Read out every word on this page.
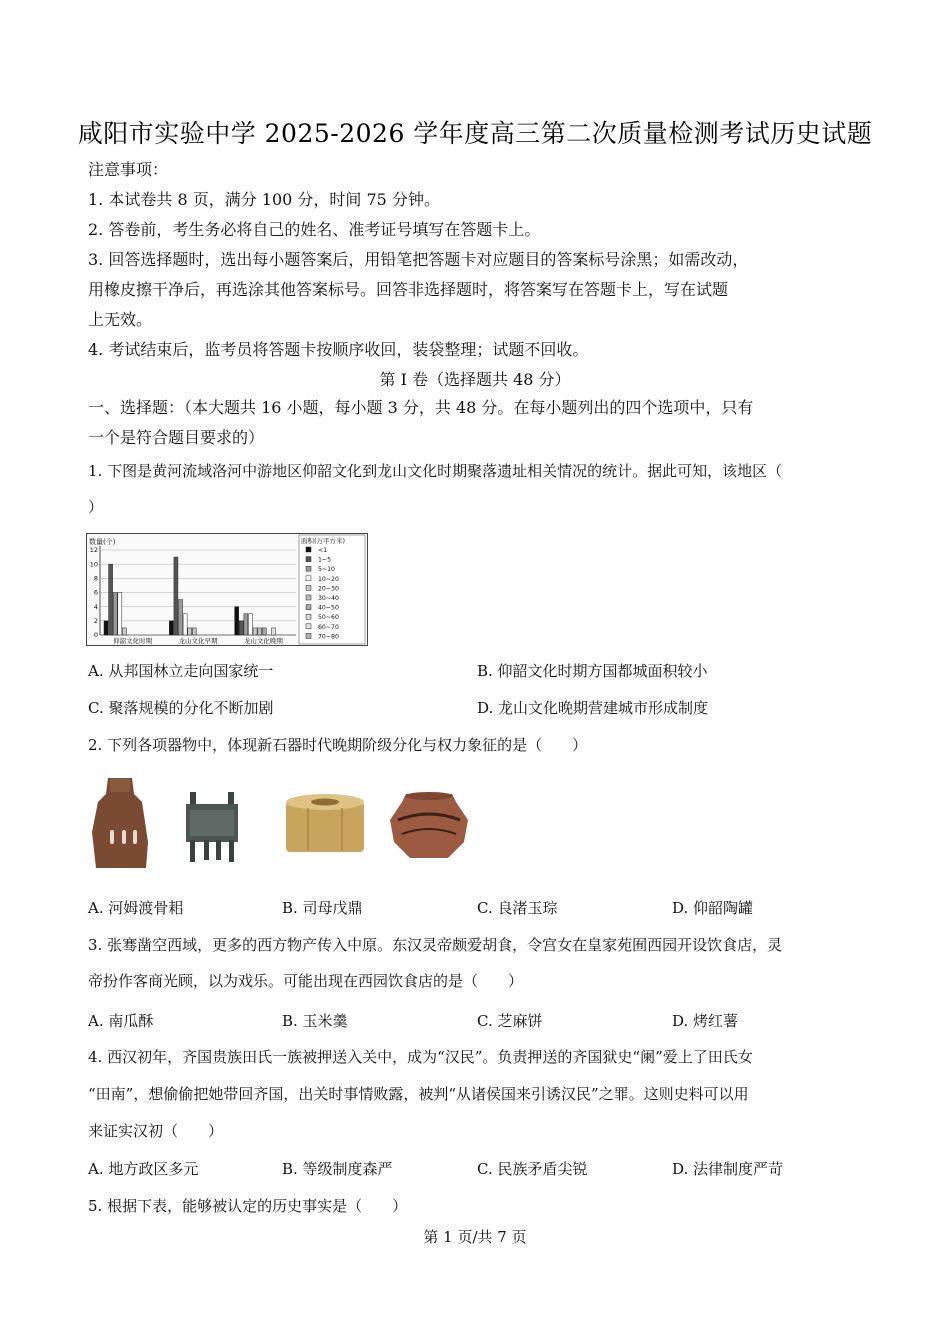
咸阳市实验中学 2025-2026 学年度高三第二次质量检测考试历史试题
注意事项：
1. 本试卷共 8 页，满分 100 分，时间 75 分钟。
2. 答卷前，考生务必将自己的姓名、准考证号填写在答题卡上。
3. 回答选择题时，选出每小题答案后，用铅笔把答题卡对应题目的答案标号涂黑；如需改动，
用橡皮擦干净后，再选涂其他答案标号。回答非选择题时，将答案写在答题卡上，写在试题
上无效。
4. 考试结束后，监考员将答题卡按顺序收回，装袋整理；试题不回收。
第 I 卷（选择题共 48 分）
一、选择题：（本大题共 16 小题，每小题 3 分，共 48 分。在每小题列出的四个选项中，只有
一个是符合题目要求的）
1. 下图是黄河流域洛河中游地区仰韶文化到龙山文化时期聚落遗址相关情况的统计。据此可知，该地区（
）
数量(个)	面积(万平方米)
0
2
4
6
8
10
12
仰韶文化时期	龙山文化早期	龙山文化晚期
<1
1~5
5~10
10~20
20~30
30~40
40~50
50~60
60~70
70~80
A. 从邦国林立走向国家统一	B. 仰韶文化时期方国都城面积较小
C. 聚落规模的分化不断加剧	D. 龙山文化晚期营建城市形成制度
2. 下列各项器物中，体现新石器时代晚期阶级分化与权力象征的是（　　）
A. 河姆渡骨耜	B. 司母戊鼎	C. 良渚玉琮	D. 仰韶陶罐
3. 张骞凿空西域，更多的西方物产传入中原。东汉灵帝颇爱胡食，令宫女在皇家苑囿西园开设饮食店，灵
帝扮作客商光顾，以为戏乐。可能出现在西园饮食店的是（　　）
A. 南瓜酥	B. 玉米羹	C. 芝麻饼	D. 烤红薯
4. 西汉初年，齐国贵族田氏一族被押送入关中，成为“汉民”。负责押送的齐国狱史“阑”爱上了田氏女
“田南”，想偷偷把她带回齐国，出关时事情败露，被判“从诸侯国来引诱汉民”之罪。这则史料可以用
来证实汉初（　　）
A. 地方政区多元	B. 等级制度森严	C. 民族矛盾尖锐	D. 法律制度严苛
5. 根据下表，能够被认定的历史事实是（　　）
第 1 页/共 7 页
